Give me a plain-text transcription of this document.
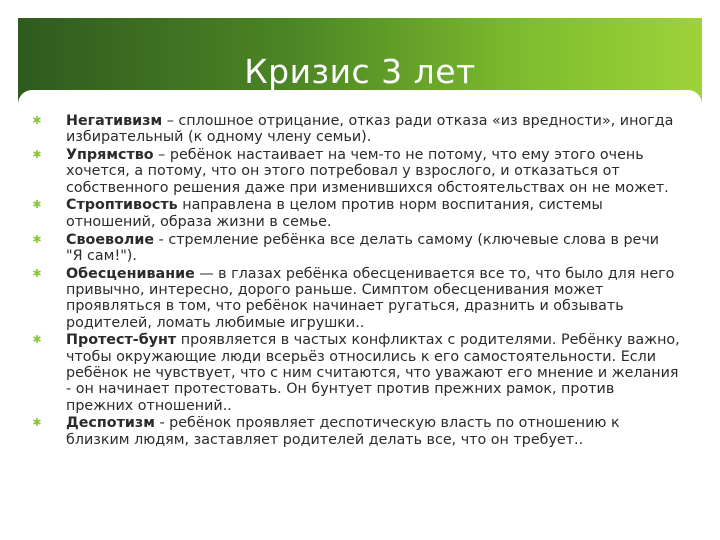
Кризис 3 лет
✱ Негативизм – сплошное отрицание, отказ ради отказа «из вредности», иногда избирательный (к одному члену семьи).
✱ Упрямство – ребёнок настаивает на чем-то не потому, что ему этого очень хочется, а потому, что он этого потребовал у взрослого, и отказаться от собственного решения даже при изменившихся обстоятельствах он не может.
✱ Строптивость направлена в целом против норм воспитания, системы отношений, образа жизни в семье.
✱ Своеволие - стремление ребёнка все делать самому (ключевые слова в речи "Я сам!").
✱ Обесценивание — в глазах ребёнка обесценивается все то, что было для него привычно, интересно, дорого раньше. Симптом обесценивания может проявляться в том, что ребёнок начинает ругаться, дразнить и обзывать родителей, ломать любимые игрушки..
✱ Протест-бунт проявляется в частых конфликтах с родителями. Ребёнку важно, чтобы окружающие люди всерьёз относились к его самостоятельности. Если ребёнок не чувствует, что с ним считаются, что уважают его мнение и желания - он начинает протестовать. Он бунтует против прежних рамок, против прежних отношений..
✱ Деспотизм - ребёнок проявляет деспотическую власть по отношению к близким людям, заставляет родителей делать все, что он требует..
